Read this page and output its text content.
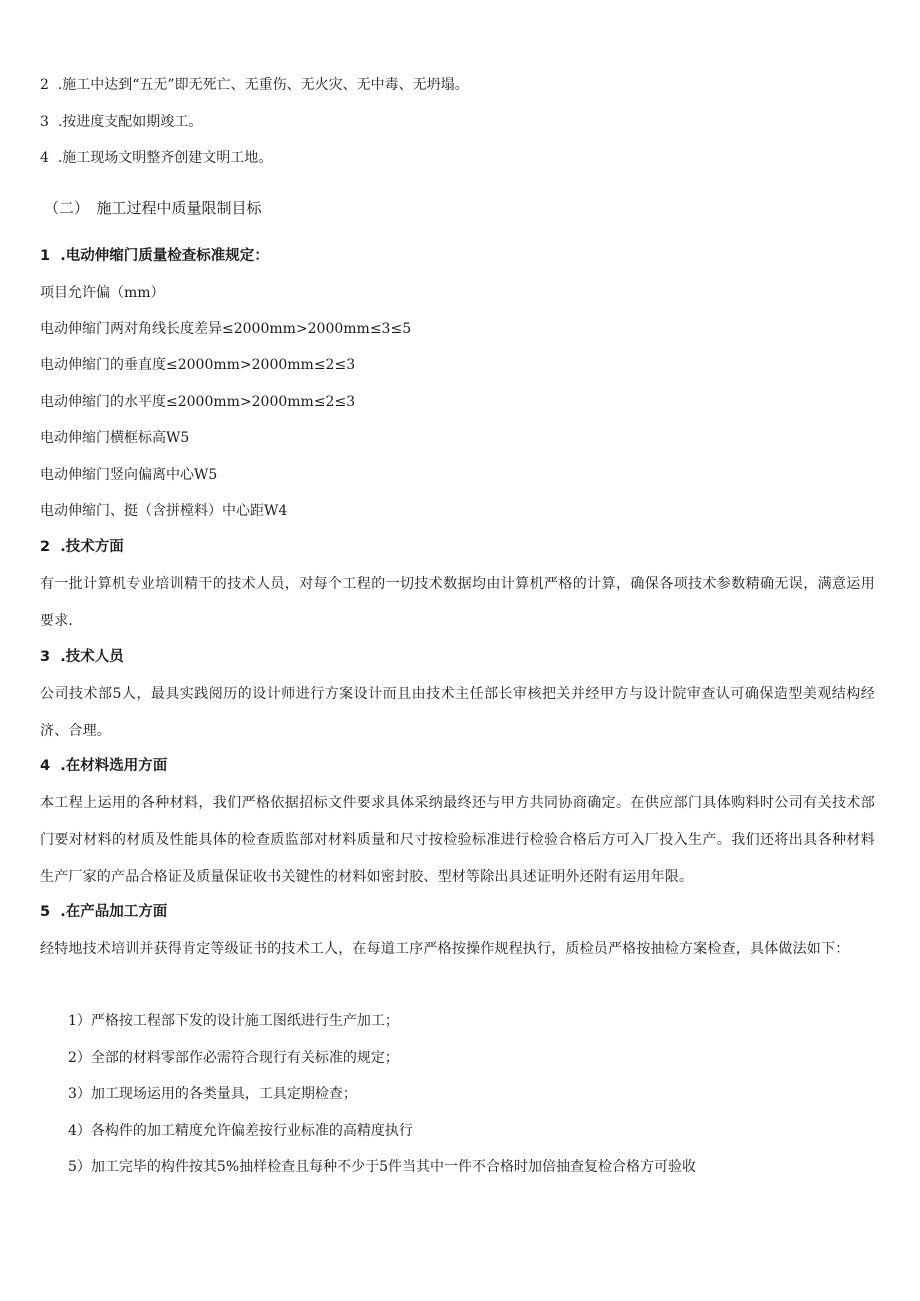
2 .施工中达到“五无”即无死亡、无重伤、无火灾、无中毒、无坍塌。
3 .按进度支配如期竣工。
4 .施工现场文明整齐创建文明工地。
（二）　施工过程中质量限制目标
1 .电动伸缩门质量检查标准规定：
项目允许偏（mm）
电动伸缩门两对角线长度差异≤2000mm>2000mm≤3≤5
电动伸缩门的垂直度≤2000mm>2000mm≤2≤3
电动伸缩门的水平度≤2000mm>2000mm≤2≤3
电动伸缩门横框标高W5
电动伸缩门竖向偏离中心W5
电动伸缩门、挺（含拼樘料）中心距W4
2 .技术方面
有一批计算机专业培训精干的技术人员，对每个工程的一切技术数据均由计算机严格的计算，确保各项技术参数精确无误，满意运用要求.
3 .技术人员
公司技术部5人，最具实践阅历的设计师进行方案设计而且由技术主任部长审核把关并经甲方与设计院审查认可确保造型美观结构经济、合理。
4 .在材料选用方面
本工程上运用的各种材料，我们严格依据招标文件要求具体采纳最终还与甲方共同协商确定。在供应部门具体购料时公司有关技术部门要对材料的材质及性能具体的检查质监部对材料质量和尺寸按检验标准进行检验合格后方可入厂投入生产。我们还将出具各种材料生产厂家的产品合格证及质量保证收书关键性的材料如密封胶、型材等除出具述证明外还附有运用年限。
5 .在产品加工方面
经特地技术培训并获得肯定等级证书的技术工人，在每道工序严格按操作规程执行，质检员严格按抽检方案检查，具体做法如下：
1）严格按工程部下发的设计施工图纸进行生产加工；
2）全部的材料零部作必需符合现行有关标准的规定；
3）加工现场运用的各类量具，工具定期检查；
4）各构件的加工精度允许偏差按行业标准的高精度执行
5）加工完毕的构件按其5%抽样检查且每种不少于5件当其中一件不合格时加倍抽查复检合格方可验收
